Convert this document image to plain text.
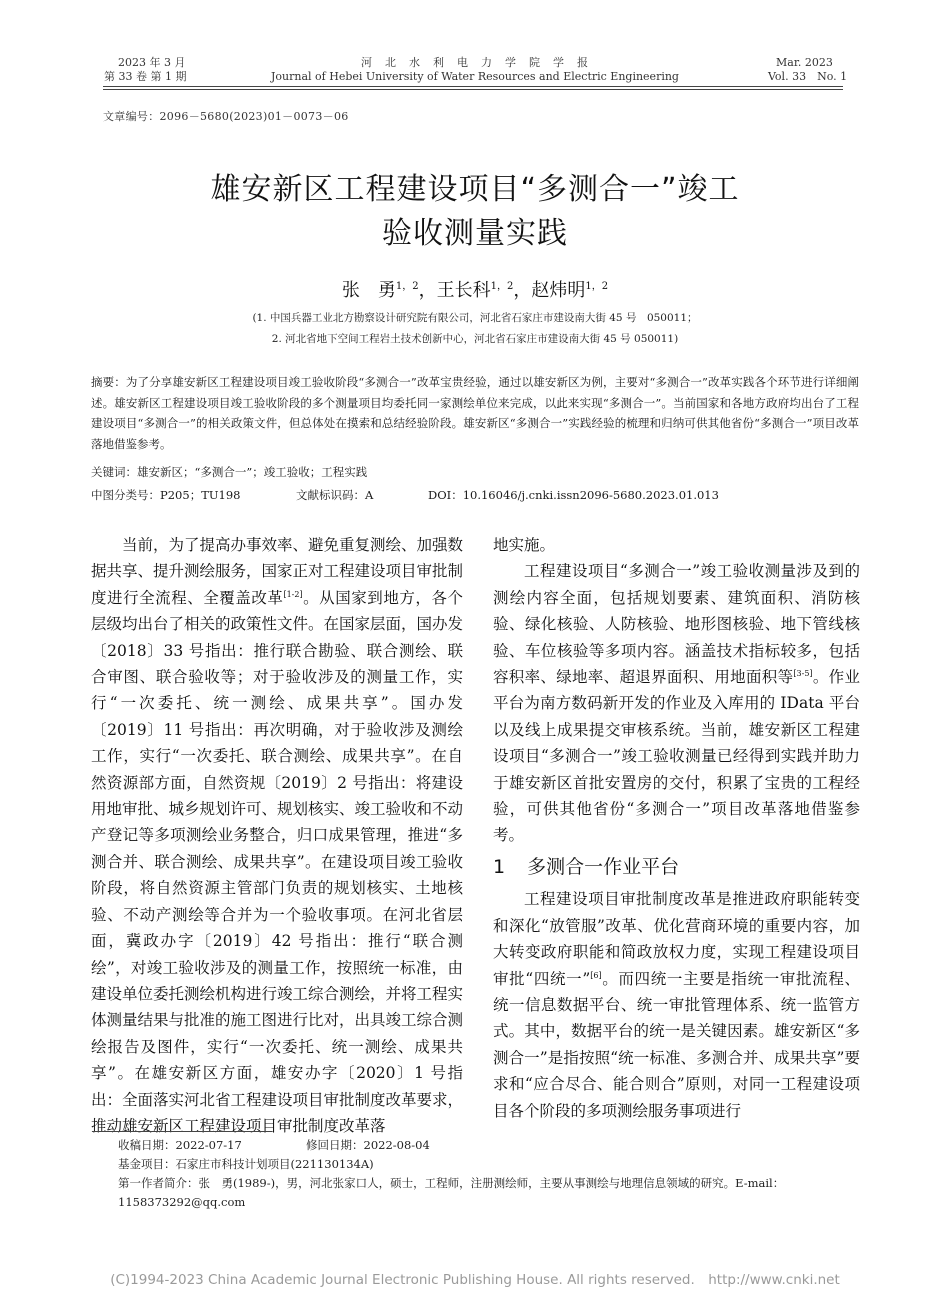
2023 年 3 月
第 33 卷 第 1 期
河　北　水　利　电　力　学　院　学　报
Journal of Hebei University of Water Resources and Electric Engineering
Mar. 2023
Vol. 33　No. 1
文章编号：2096－5680(2023)01－0073－06
雄安新区工程建设项目“多测合一”竣工
验收测量实践
张　勇$^{1,2}$，王长科$^{1,2}$，赵炜明$^{1,2}$
(1. 中国兵器工业北方勘察设计研究院有限公司，河北省石家庄市建设南大街 45 号　050011；
2. 河北省地下空间工程岩土技术创新中心，河北省石家庄市建设南大街 45 号 050011)
摘要：为了分享雄安新区工程建设项目竣工验收阶段“多测合一”改革宝贵经验，通过以雄安新区为例，主要对“多测合一”改革实践各个环节进行详细阐述。雄安新区工程建设项目竣工验收阶段的多个测量项目均委托同一家测绘单位来完成，以此来实现“多测合一”。当前国家和各地方政府均出台了工程建设项目“多测合一”的相关政策文件，但总体处在摸索和总结经验阶段。雄安新区“多测合一”实践经验的梳理和归纳可供其他省份“多测合一”项目改革落地借鉴参考。
关键词：雄安新区；“多测合一”；竣工验收；工程实践
中图分类号：P205；TU198	文献标识码：A	DOI：10.16046/j.cnki.issn2096-5680.2023.01.013

当前，为了提高办事效率、避免重复测绘、加强数据共享、提升测绘服务，国家正对工程建设项目审批制度进行全流程、全覆盖改革[1-2]。从国家到地方，各个层级均出台了相关的政策性文件。在国家层面，国办发〔2018〕33 号指出：推行联合勘验、联合测绘、联合审图、联合验收等；对于验收涉及的测量工作，实行“一次委托、统一测绘、成果共享”。国办发〔2019〕11 号指出：再次明确，对于验收涉及测绘工作，实行“一次委托、联合测绘、成果共享”。在自然资源部方面，自然资规〔2019〕2 号指出：将建设用地审批、城乡规划许可、规划核实、竣工验收和不动产登记等多项测绘业务整合，归口成果管理，推进“多测合并、联合测绘、成果共享”。在建设项目竣工验收阶段，将自然资源主管部门负责的规划核实、土地核验、不动产测绘等合并为一个验收事项。在河北省层面，冀政办字〔2019〕42 号指出：推行“联合测绘”，对竣工验收涉及的测量工作，按照统一标准，由建设单位委托测绘机构进行竣工综合测绘，并将工程实体测量结果与批准的施工图进行比对，出具竣工综合测绘报告及图件，实行“一次委托、统一测绘、成果共享”。在雄安新区方面，雄安办字〔2020〕1 号指出：全面落实河北省工程建设项目审批制度改革要求，推动雄安新区工程建设项目审批制度改革落

地实施。

工程建设项目“多测合一”竣工验收测量涉及到的测绘内容全面，包括规划要素、建筑面积、消防核验、绿化核验、人防核验、地形图核验、地下管线核验、车位核验等多项内容。涵盖技术指标较多，包括容积率、绿地率、超退界面积、用地面积等[3-5]。作业平台为南方数码新开发的作业及入库用的 IData 平台以及线上成果提交审核系统。当前，雄安新区工程建设项目“多测合一”竣工验收测量已经得到实践并助力于雄安新区首批安置房的交付，积累了宝贵的工程经验，可供其他省份“多测合一”项目改革落地借鉴参考。

1 多测合一作业平台

工程建设项目审批制度改革是推进政府职能转变和深化“放管服”改革、优化营商环境的重要内容，加大转变政府职能和简政放权力度，实现工程建设项目审批“四统一”[6]。而四统一主要是指统一审批流程、统一信息数据平台、统一审批管理体系、统一监管方式。其中，数据平台的统一是关键因素。雄安新区“多测合一”是指按照“统一标准、多测合并、成果共享”要求和“应合尽合、能合则合”原则，对同一工程建设项目各个阶段的多项测绘服务事项进行

收稿日期：2022-07-17	修回日期：2022-08-04
基金项目：石家庄市科技计划项目(221130134A)
第一作者简介：张　勇(1989-)，男，河北张家口人，硕士，工程师，注册测绘师，主要从事测绘与地理信息领域的研究。E-mail：1158373292@qq.com
(C)1994-2023 China Academic Journal Electronic Publishing House. All rights reserved.　http://www.cnki.net
